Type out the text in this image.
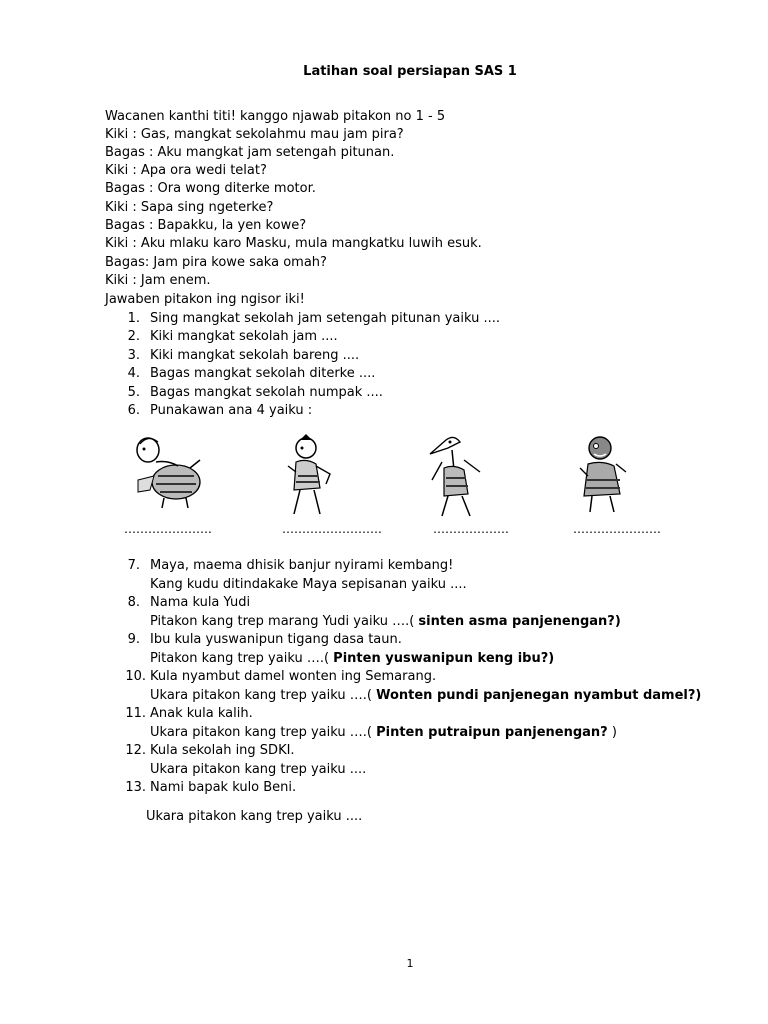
Latihan soal persiapan SAS 1
Wacanen kanthi titi! kanggo njawab pitakon no 1 - 5
Kiki : Gas, mangkat sekolahmu mau jam pira?
Bagas : Aku mangkat jam setengah pitunan.
Kiki : Apa ora wedi telat?
Bagas : Ora wong diterke motor.
Kiki : Sapa sing ngeterke?
Bagas : Bapakku, la yen kowe?
Kiki : Aku mlaku karo Masku, mula mangkatku luwih esuk.
Bagas: Jam pira kowe saka omah?
Kiki : Jam enem.
Jawaben pitakon ing ngisor iki!
1. Sing mangkat sekolah jam setengah pitunan yaiku ....
2. Kiki mangkat sekolah jam ....
3. Kiki mangkat sekolah bareng ....
4. Bagas mangkat sekolah diterke ....
5. Bagas mangkat sekolah numpak ....
6. Punakawan ana 4 yaiku :
………………….	…………………….	……………….	………………….
7. Maya, maema dhisik banjur nyirami kembang!
Kang kudu ditindakake Maya sepisanan yaiku ....
8. Nama kula Yudi
Pitakon kang trep marang Yudi yaiku ….( sinten asma panjenengan?)
9. Ibu kula yuswanipun tigang dasa taun.
Pitakon kang trep yaiku ….( Pinten yuswanipun keng ibu?)
10. Kula nyambut damel wonten ing Semarang.
Ukara pitakon kang trep yaiku ….( Wonten pundi panjenegan nyambut damel?)
11. Anak kula kalih.
Ukara pitakon kang trep yaiku ….( Pinten putraipun panjenengan? )
12. Kula sekolah ing SDKI.
Ukara pitakon kang trep yaiku ....
13. Nami bapak kulo Beni.
Ukara pitakon kang trep yaiku ....
1
